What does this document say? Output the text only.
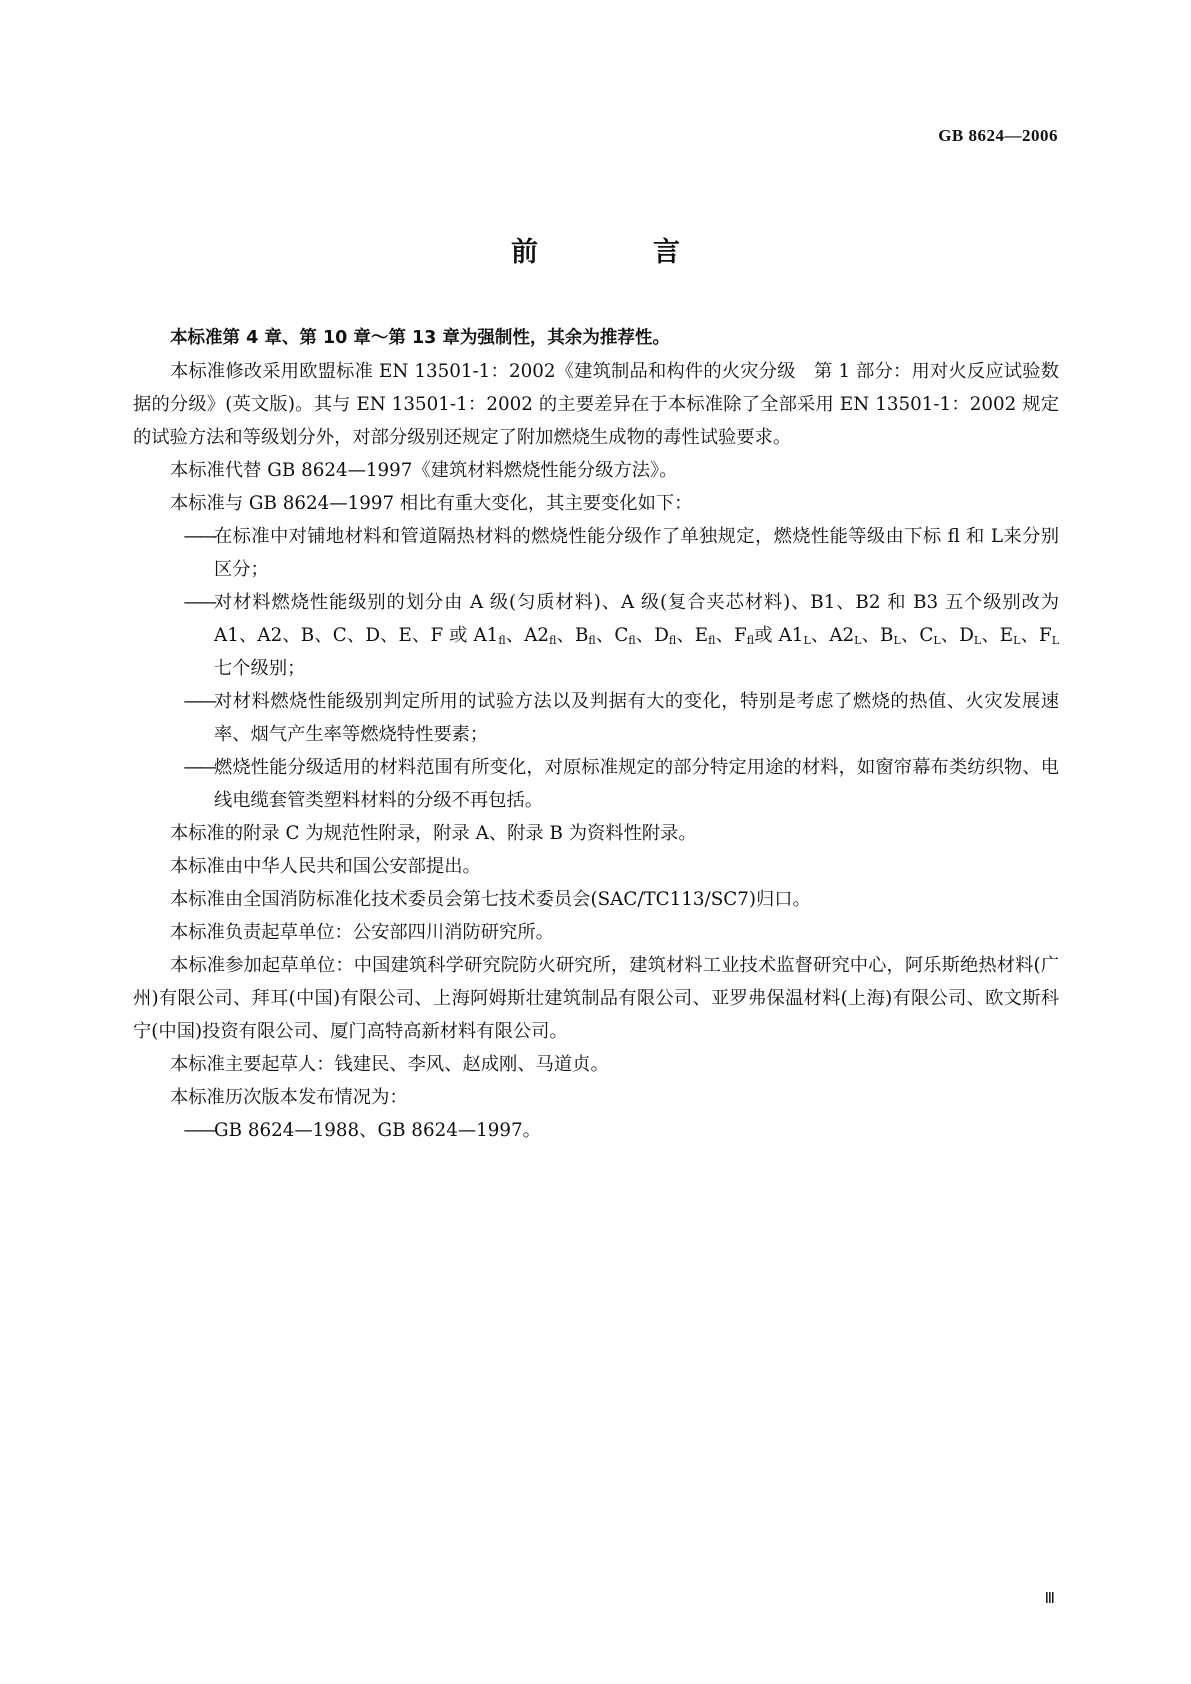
GB 8624—2006
前　言

本标准第 4 章、第 10 章～第 13 章为强制性，其余为推荐性。

本标准修改采用欧盟标准 EN 13501-1：2002《建筑制品和构件的火灾分级　第 1 部分：用对火反应试验数据的分级》(英文版)。其与 EN 13501-1：2002 的主要差异在于本标准除了全部采用 EN 13501-1：2002 规定的试验方法和等级划分外，对部分级别还规定了附加燃烧生成物的毒性试验要求。

本标准代替 GB 8624—1997《建筑材料燃烧性能分级方法》。

本标准与 GB 8624—1997 相比有重大变化，其主要变化如下：

—— 在标准中对铺地材料和管道隔热材料的燃烧性能分级作了单独规定，燃烧性能等级由下标 fl 和 L来分别区分；
—— 对材料燃烧性能级别的划分由 A 级(匀质材料)、A 级(复合夹芯材料)、B1、B2 和 B3 五个级别改为 A1、A2、B、C、D、E、F 或 $A1_{fl}$、$A2_{fl}$、$B_{fl}$、$C_{fl}$、$D_{fl}$、$E_{fl}$、$F_{fl}$或 $A1_L$、$A2_L$、$B_L$、$C_L$、$D_L$、$E_L$、$F_L$ 七个级别；
—— 对材料燃烧性能级别判定所用的试验方法以及判据有大的变化，特别是考虑了燃烧的热值、火灾发展速率、烟气产生率等燃烧特性要素；
—— 燃烧性能分级适用的材料范围有所变化，对原标准规定的部分特定用途的材料，如窗帘幕布类纺织物、电线电缆套管类塑料材料的分级不再包括。

本标准的附录 C 为规范性附录，附录 A、附录 B 为资料性附录。

本标准由中华人民共和国公安部提出。

本标准由全国消防标准化技术委员会第七技术委员会(SAC/TC113/SC7)归口。

本标准负责起草单位：公安部四川消防研究所。

本标准参加起草单位：中国建筑科学研究院防火研究所，建筑材料工业技术监督研究中心，阿乐斯绝热材料(广州)有限公司、拜耳(中国)有限公司、上海阿姆斯壮建筑制品有限公司、亚罗弗保温材料(上海)有限公司、欧文斯科宁(中国)投资有限公司、厦门高特高新材料有限公司。

本标准主要起草人：钱建民、李风、赵成刚、马道贞。

本标准历次版本发布情况为：

—— GB 8624—1988、GB 8624—1997。
Ⅲ
